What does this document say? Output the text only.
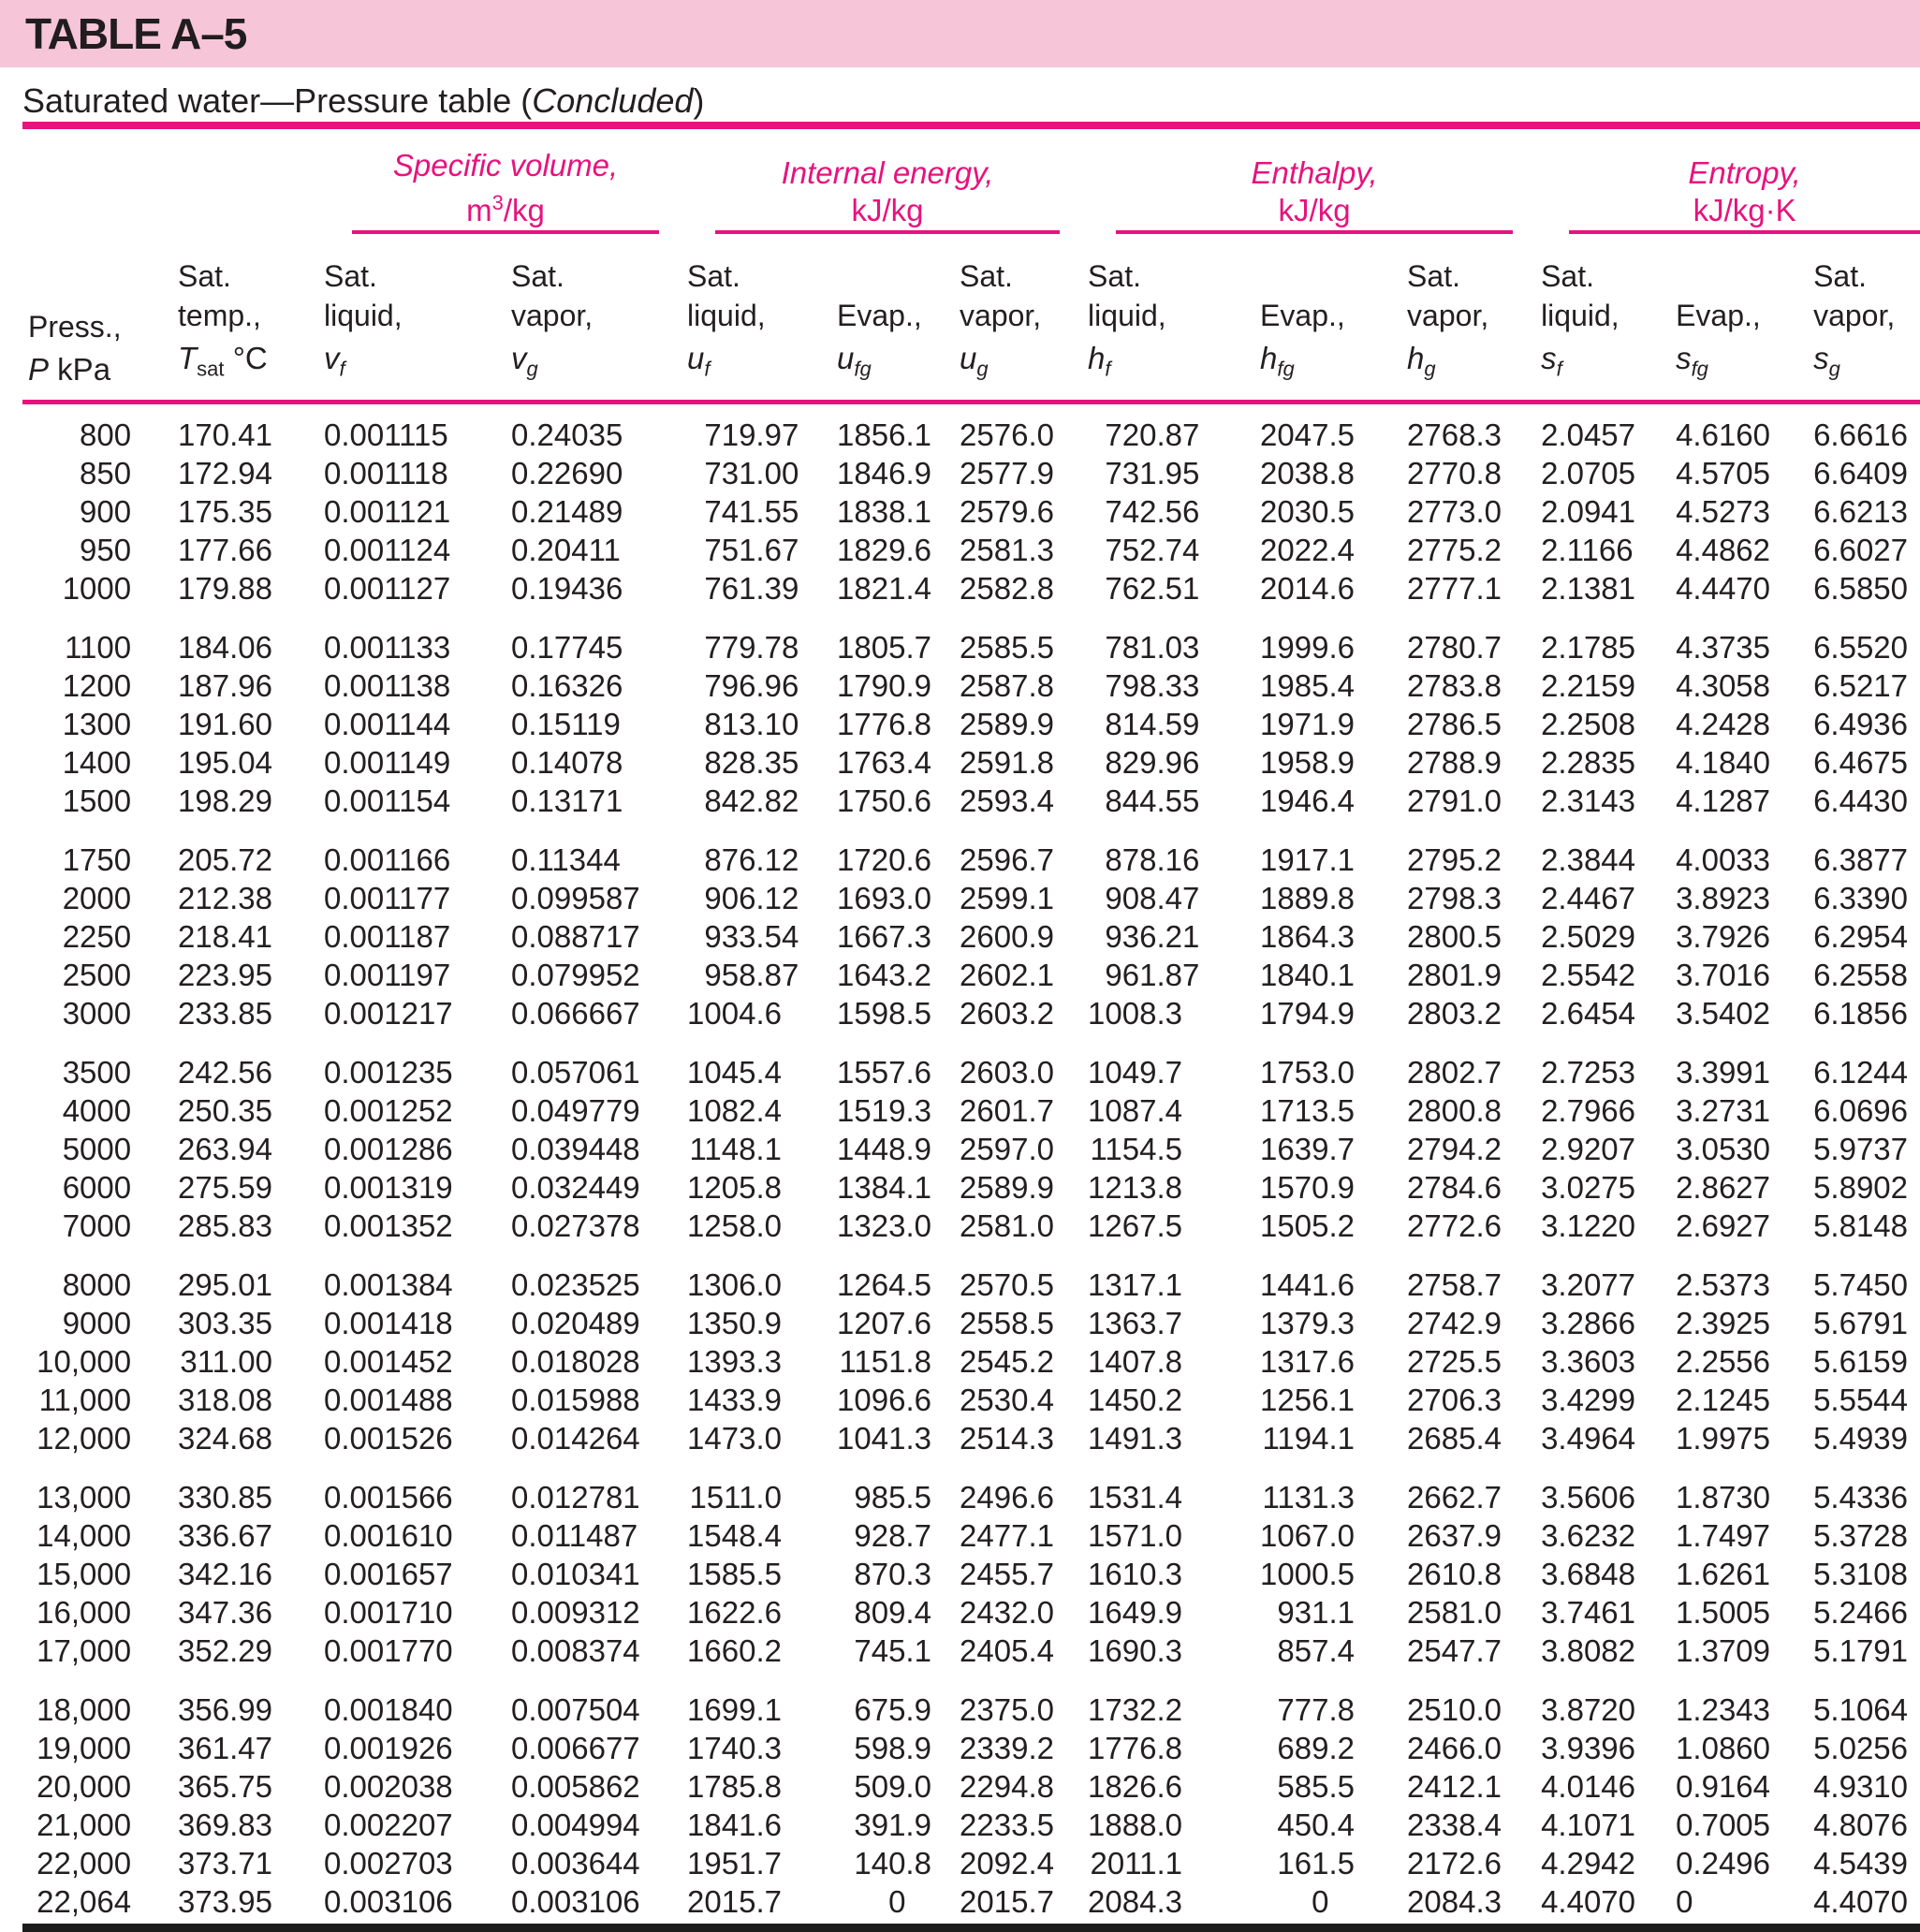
TABLE A–5
Saturated water—Pressure table (Concluded)

Specific volume,
$m^3/kg$

Internal energy,
kJ/kg

Enthalpy,
kJ/kg

Entropy,
kJ/kg·K

Press.,
P kPa

Sat.
temp.,
$T_{sat}$ °C

Sat.
liquid,
$v_f$

Sat.
vapor,
$v_g$

Sat.
liquid,
$u_f$

Evap.,
$u_{fg}$

Sat.
vapor,
$u_g$

Sat.
liquid,
$h_f$

Evap.,
$h_{fg}$

Sat.
vapor,
$h_g$

Sat.
liquid,
$s_f$

Evap.,
$s_{fg}$

Sat.
vapor,
$s_g$

800	170.41	0.001115	0.24035	719.97	1856.1	2576.0	720.87	2047.5	2768.3	2.0457	4.6160	6.6616
850	172.94	0.001118	0.22690	731.00	1846.9	2577.9	731.95	2038.8	2770.8	2.0705	4.5705	6.6409
900	175.35	0.001121	0.21489	741.55	1838.1	2579.6	742.56	2030.5	2773.0	2.0941	4.5273	6.6213
950	177.66	0.001124	0.20411	751.67	1829.6	2581.3	752.74	2022.4	2775.2	2.1166	4.4862	6.6027
1000	179.88	0.001127	0.19436	761.39	1821.4	2582.8	762.51	2014.6	2777.1	2.1381	4.4470	6.5850

1100	184.06	0.001133	0.17745	779.78	1805.7	2585.5	781.03	1999.6	2780.7	2.1785	4.3735	6.5520
1200	187.96	0.001138	0.16326	796.96	1790.9	2587.8	798.33	1985.4	2783.8	2.2159	4.3058	6.5217
1300	191.60	0.001144	0.15119	813.10	1776.8	2589.9	814.59	1971.9	2786.5	2.2508	4.2428	6.4936
1400	195.04	0.001149	0.14078	828.35	1763.4	2591.8	829.96	1958.9	2788.9	2.2835	4.1840	6.4675
1500	198.29	0.001154	0.13171	842.82	1750.6	2593.4	844.55	1946.4	2791.0	2.3143	4.1287	6.4430

1750	205.72	0.001166	0.11344	876.12	1720.6	2596.7	878.16	1917.1	2795.2	2.3844	4.0033	6.3877
2000	212.38	0.001177	0.099587	906.12	1693.0	2599.1	908.47	1889.8	2798.3	2.4467	3.8923	6.3390
2250	218.41	0.001187	0.088717	933.54	1667.3	2600.9	936.21	1864.3	2800.5	2.5029	3.7926	6.2954
2500	223.95	0.001197	0.079952	958.87	1643.2	2602.1	961.87	1840.1	2801.9	2.5542	3.7016	6.2558
3000	233.85	0.001217	0.066667	1004.6	1598.5	2603.2	1008.3	1794.9	2803.2	2.6454	3.5402	6.1856

3500	242.56	0.001235	0.057061	1045.4	1557.6	2603.0	1049.7	1753.0	2802.7	2.7253	3.3991	6.1244
4000	250.35	0.001252	0.049779	1082.4	1519.3	2601.7	1087.4	1713.5	2800.8	2.7966	3.2731	6.0696
5000	263.94	0.001286	0.039448	1148.1	1448.9	2597.0	1154.5	1639.7	2794.2	2.9207	3.0530	5.9737
6000	275.59	0.001319	0.032449	1205.8	1384.1	2589.9	1213.8	1570.9	2784.6	3.0275	2.8627	5.8902
7000	285.83	0.001352	0.027378	1258.0	1323.0	2581.0	1267.5	1505.2	2772.6	3.1220	2.6927	5.8148

8000	295.01	0.001384	0.023525	1306.0	1264.5	2570.5	1317.1	1441.6	2758.7	3.2077	2.5373	5.7450
9000	303.35	0.001418	0.020489	1350.9	1207.6	2558.5	1363.7	1379.3	2742.9	3.2866	2.3925	5.6791
10,000	311.00	0.001452	0.018028	1393.3	1151.8	2545.2	1407.8	1317.6	2725.5	3.3603	2.2556	5.6159
11,000	318.08	0.001488	0.015988	1433.9	1096.6	2530.4	1450.2	1256.1	2706.3	3.4299	2.1245	5.5544
12,000	324.68	0.001526	0.014264	1473.0	1041.3	2514.3	1491.3	1194.1	2685.4	3.4964	1.9975	5.4939

13,000	330.85	0.001566	0.012781	1511.0	985.5	2496.6	1531.4	1131.3	2662.7	3.5606	1.8730	5.4336
14,000	336.67	0.001610	0.011487	1548.4	928.7	2477.1	1571.0	1067.0	2637.9	3.6232	1.7497	5.3728
15,000	342.16	0.001657	0.010341	1585.5	870.3	2455.7	1610.3	1000.5	2610.8	3.6848	1.6261	5.3108
16,000	347.36	0.001710	0.009312	1622.6	809.4	2432.0	1649.9	931.1	2581.0	3.7461	1.5005	5.2466
17,000	352.29	0.001770	0.008374	1660.2	745.1	2405.4	1690.3	857.4	2547.7	3.8082	1.3709	5.1791

18,000	356.99	0.001840	0.007504	1699.1	675.9	2375.0	1732.2	777.8	2510.0	3.8720	1.2343	5.1064
19,000	361.47	0.001926	0.006677	1740.3	598.9	2339.2	1776.8	689.2	2466.0	3.9396	1.0860	5.0256
20,000	365.75	0.002038	0.005862	1785.8	509.0	2294.8	1826.6	585.5	2412.1	4.0146	0.9164	4.9310
21,000	369.83	0.002207	0.004994	1841.6	391.9	2233.5	1888.0	450.4	2338.4	4.1071	0.7005	4.8076
22,000	373.71	0.002703	0.003644	1951.7	140.8	2092.4	2011.1	161.5	2172.6	4.2942	0.2496	4.5439
22,064	373.95	0.003106	0.003106	2015.7	0	2015.7	2084.3	0	2084.3	4.4070	0	4.4070
